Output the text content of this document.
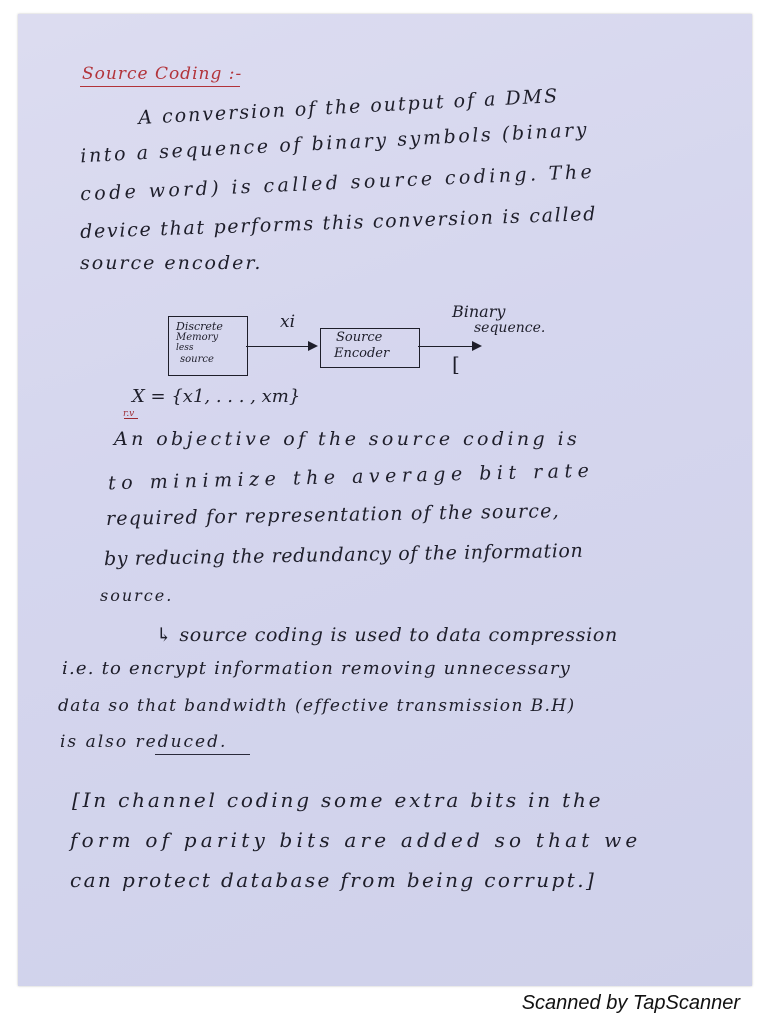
Source Coding :-
A conversion of the output of a DMS
into a sequence of binary symbols (binary
code word) is called source coding. The
device that performs this conversion is called
source encoder.
Discrete
Memory
less
source
xi
Source
Encoder
Binary
sequence.
[
X = {x1, . . . , xm}
r.v
An objective of the source coding is
to minimize the average bit rate
required for representation of the source,
by reducing the redundancy of the information
source.
↳ source coding is used to data compression
i.e. to encrypt information removing unnecessary
data so that bandwidth (effective transmission B.H)
is also reduced.
[In channel coding some extra bits in the
form of parity bits are added so that we
can protect database from being corrupt.]
Scanned by TapScanner
